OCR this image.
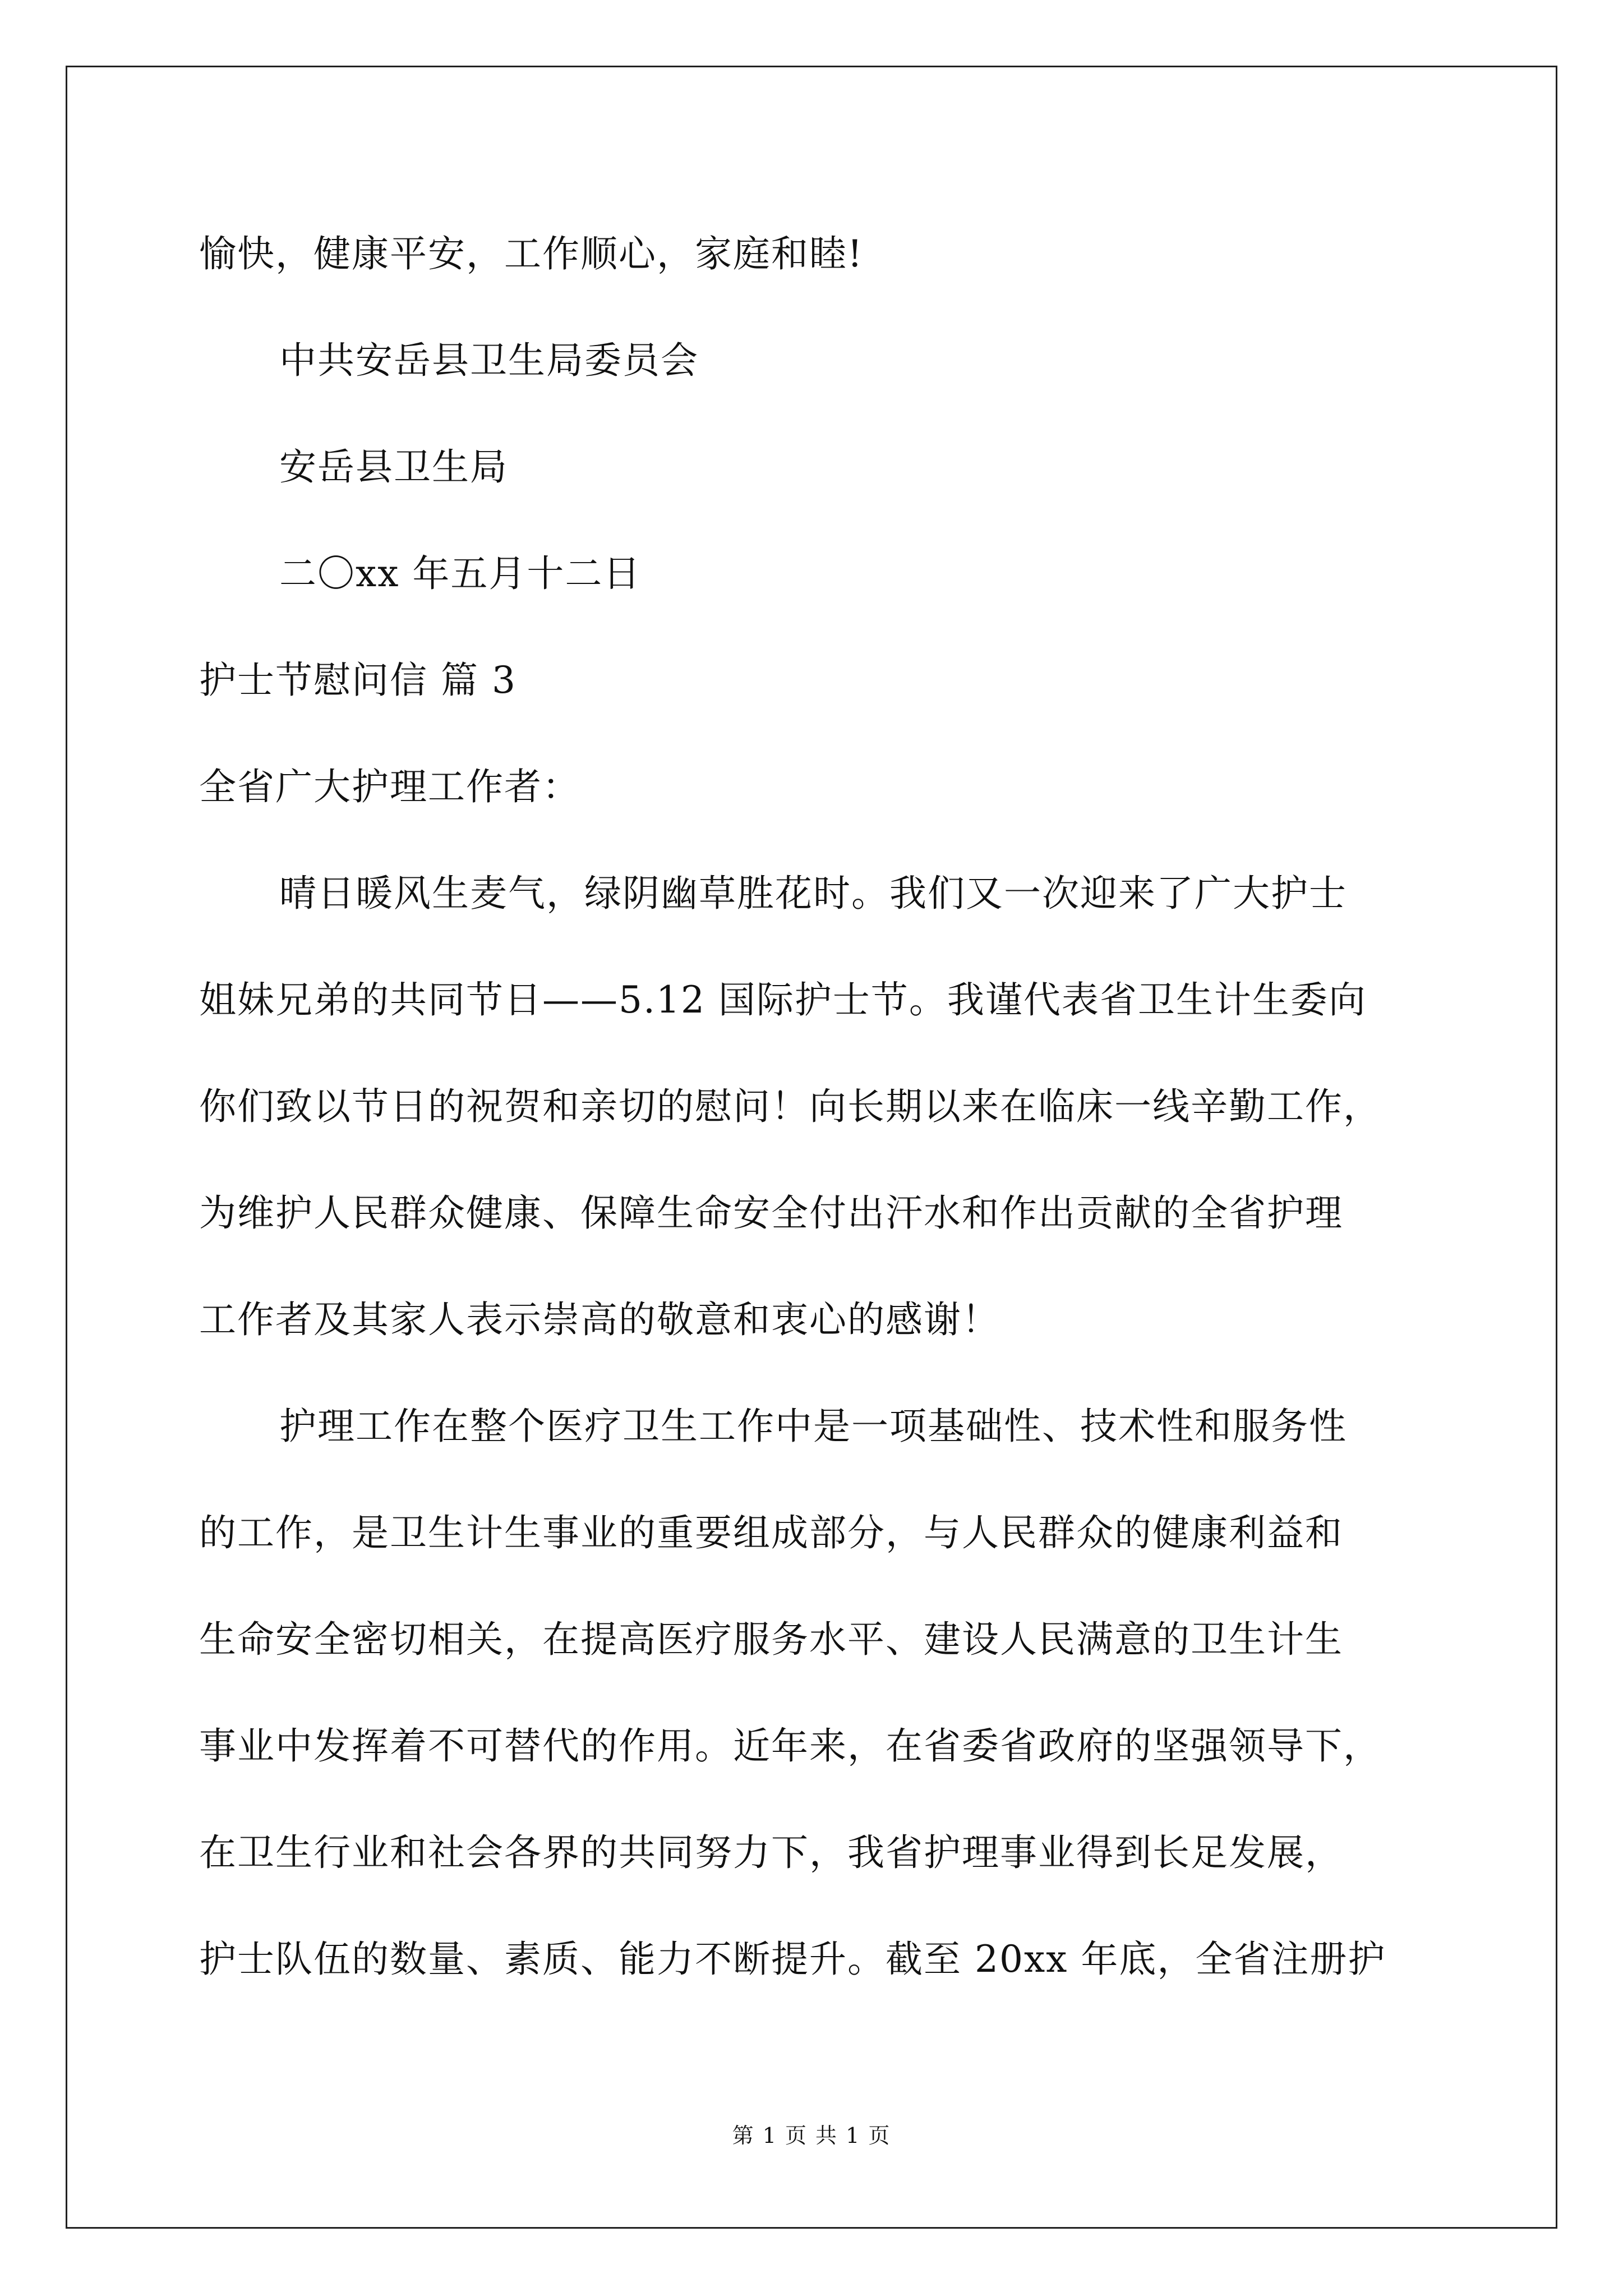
愉快，健康平安，工作顺心，家庭和睦!
中共安岳县卫生局委员会
安岳县卫生局
二〇xx 年五月十二日
护士节慰问信 篇 3
全省广大护理工作者：
晴日暖风生麦气，绿阴幽草胜花时。我们又一次迎来了广大护士
姐妹兄弟的共同节日——5.12 国际护士节。我谨代表省卫生计生委向
你们致以节日的祝贺和亲切的慰问！向长期以来在临床一线辛勤工作，
为维护人民群众健康、保障生命安全付出汗水和作出贡献的全省护理
工作者及其家人表示崇高的敬意和衷心的感谢！
护理工作在整个医疗卫生工作中是一项基础性、技术性和服务性
的工作，是卫生计生事业的重要组成部分，与人民群众的健康利益和
生命安全密切相关，在提高医疗服务水平、建设人民满意的卫生计生
事业中发挥着不可替代的作用。近年来，在省委省政府的坚强领导下，
在卫生行业和社会各界的共同努力下，我省护理事业得到长足发展，
护士队伍的数量、素质、能力不断提升。截至 20xx 年底，全省注册护
第 1 页 共 1 页
